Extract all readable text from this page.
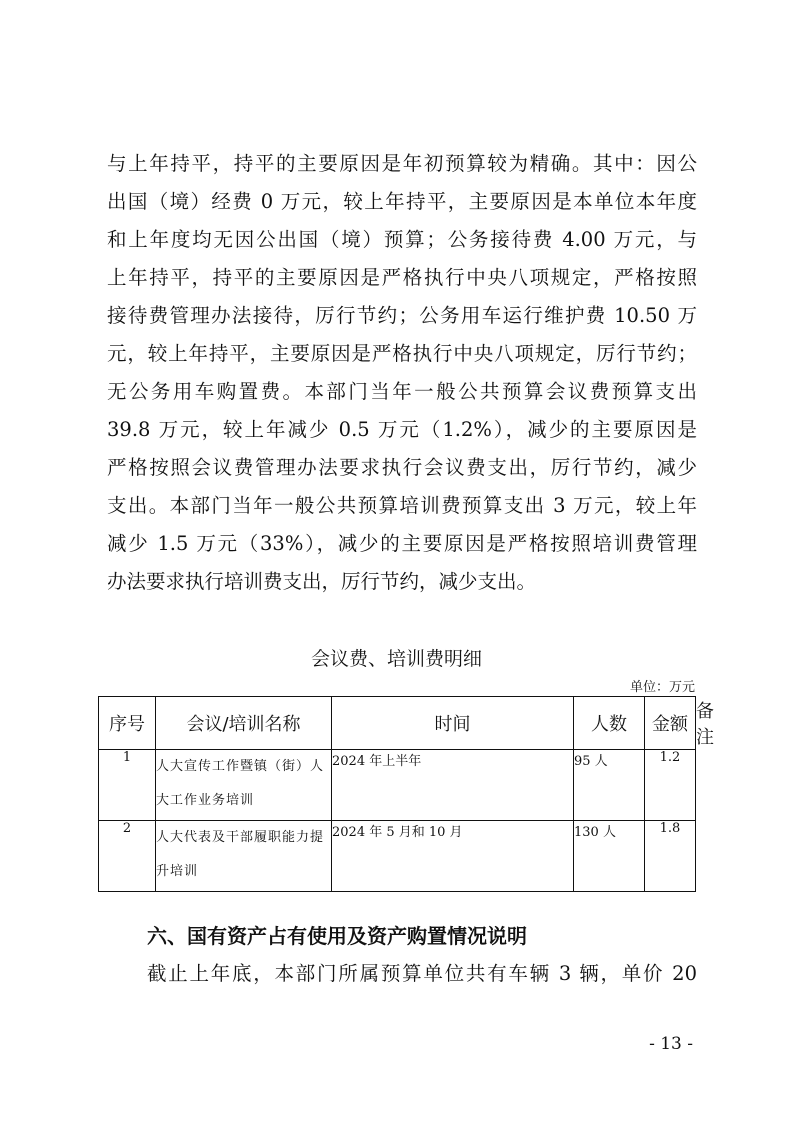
与上年持平，持平的主要原因是年初预算较为精确。其中：因公
出国（境）经费 0 万元，较上年持平，主要原因是本单位本年度
和上年度均无因公出国（境）预算；公务接待费 4.00 万元，与
上年持平，持平的主要原因是严格执行中央八项规定，严格按照
接待费管理办法接待，厉行节约；公务用车运行维护费 10.50 万
元，较上年持平，主要原因是严格执行中央八项规定，厉行节约；
无公务用车购置费。本部门当年一般公共预算会议费预算支出
39.8 万元，较上年减少 0.5 万元（1.2%），减少的主要原因是
严格按照会议费管理办法要求执行会议费支出，厉行节约，减少
支出。本部门当年一般公共预算培训费预算支出 3 万元，较上年
减少 1.5 万元（33%），减少的主要原因是严格按照培训费管理
办法要求执行培训费支出，厉行节约，减少支出。
会议费、培训费明细
单位：万元
序号	会议/培训名称	时间	人数	金额	备注
1	人大宣传工作暨镇（街）人大工作业务培训	2024 年上半年	95 人	1.2	
2	人大代表及干部履职能力提升培训	2024 年 5 月和 10 月	130 人	1.8	
六、国有资产占有使用及资产购置情况说明
截止上年底，本部门所属预算单位共有车辆 3 辆，单价 20
- 13 -
